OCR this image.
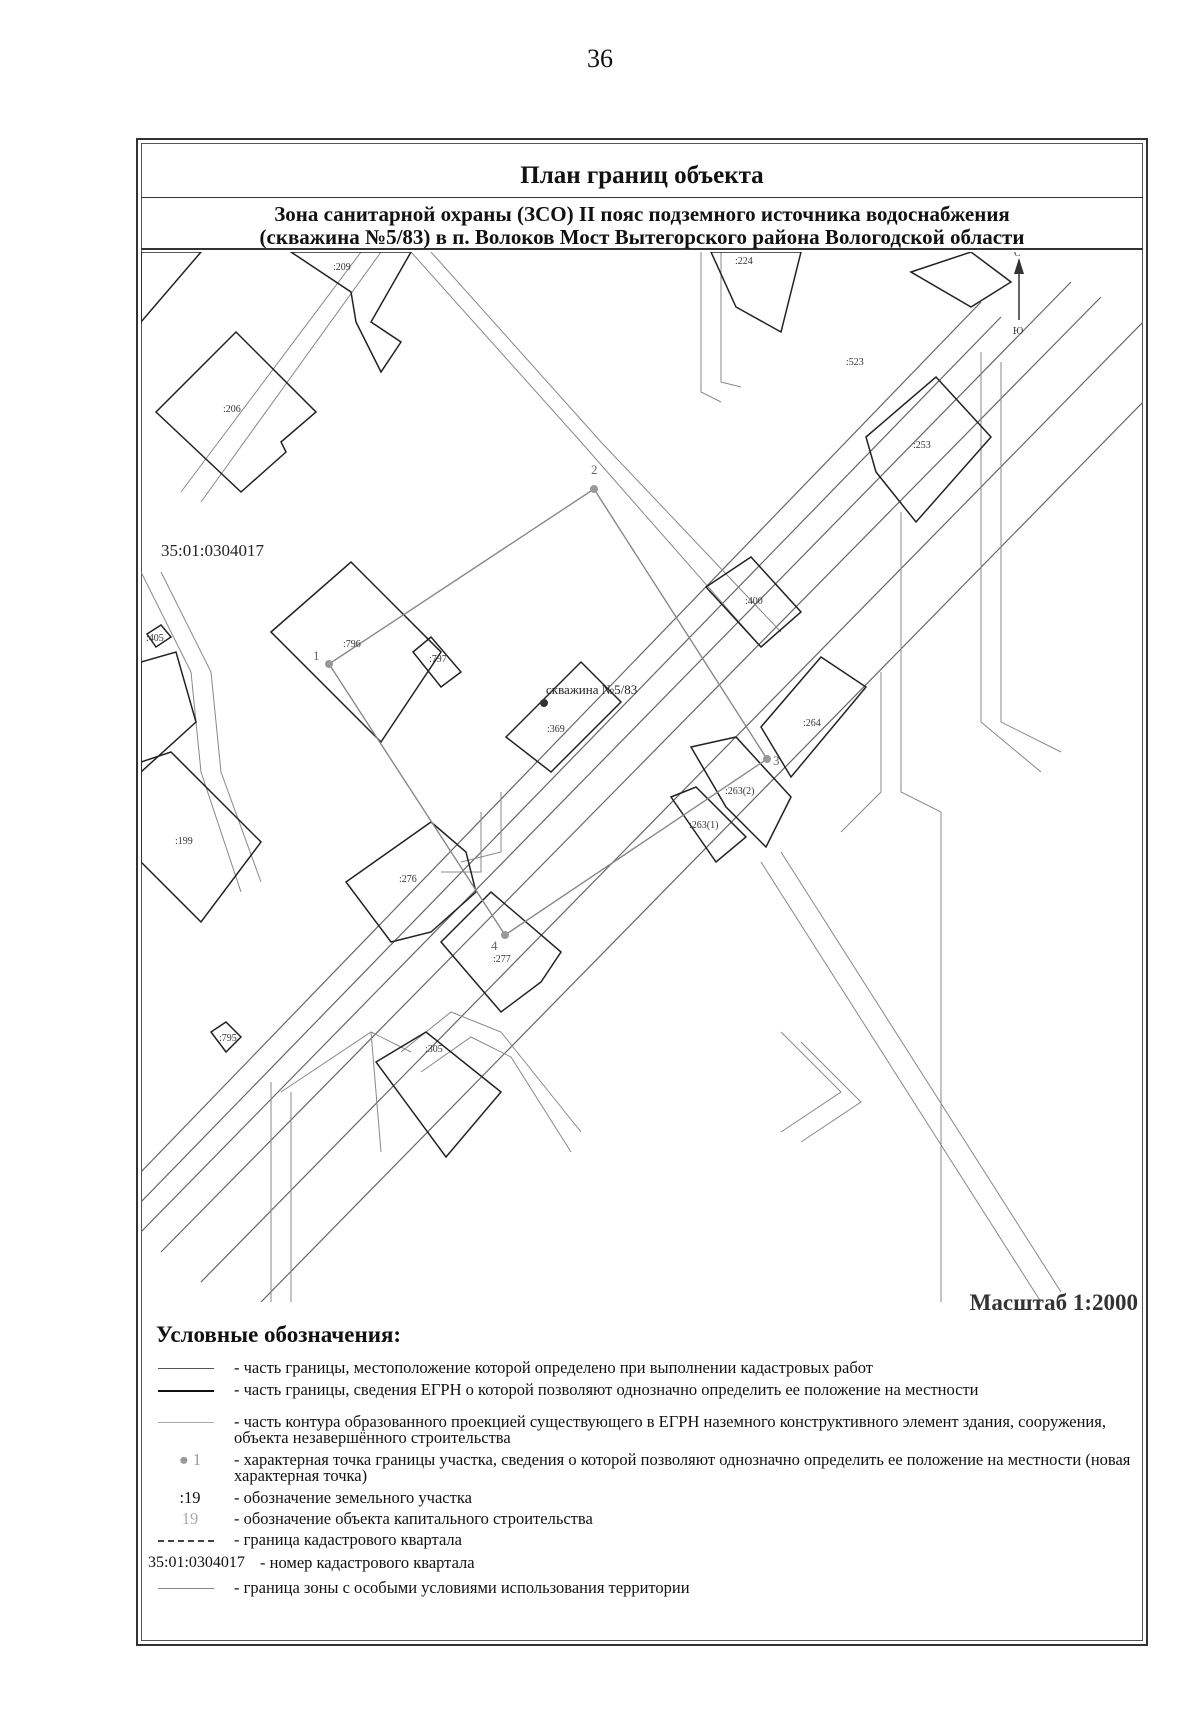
36
План границ объекта
Зона санитарной охраны (ЗСО) II пояс подземного источника водоснабжения
(скважина №5/83) в п. Волоков Мост Вытегорского района Вологодской области
скважина №5/83
1
2
3
4
:209
:224
:206
:253
:796
:797
:400
:369
:264
:263(2)
:263(1)
:199
:276
:277
:795
:305
:405
:523
35:01:0304017
С
Ю
Масштаб 1:2000
Условные обозначения:
- часть границы, местоположение которой определено при выполнении кадастровых работ
- часть границы, сведения ЕГРН о которой позволяют однозначно определить ее положение на местности
- часть контура образованного проекцией существующего в ЕГРН наземного конструктивного элемент здания, сооружения, объекта незавершённого строительства
● 1	- характерная точка границы участка, сведения о которой позволяют однозначно определить ее положение на местности (новая характерная точка)
:19	- обозначение земельного участка
19	- обозначение объекта капитального строительства
- граница кадастрового квартала
35:01:0304017 - номер кадастрового квартала
- граница зоны с особыми условиями использования территории
